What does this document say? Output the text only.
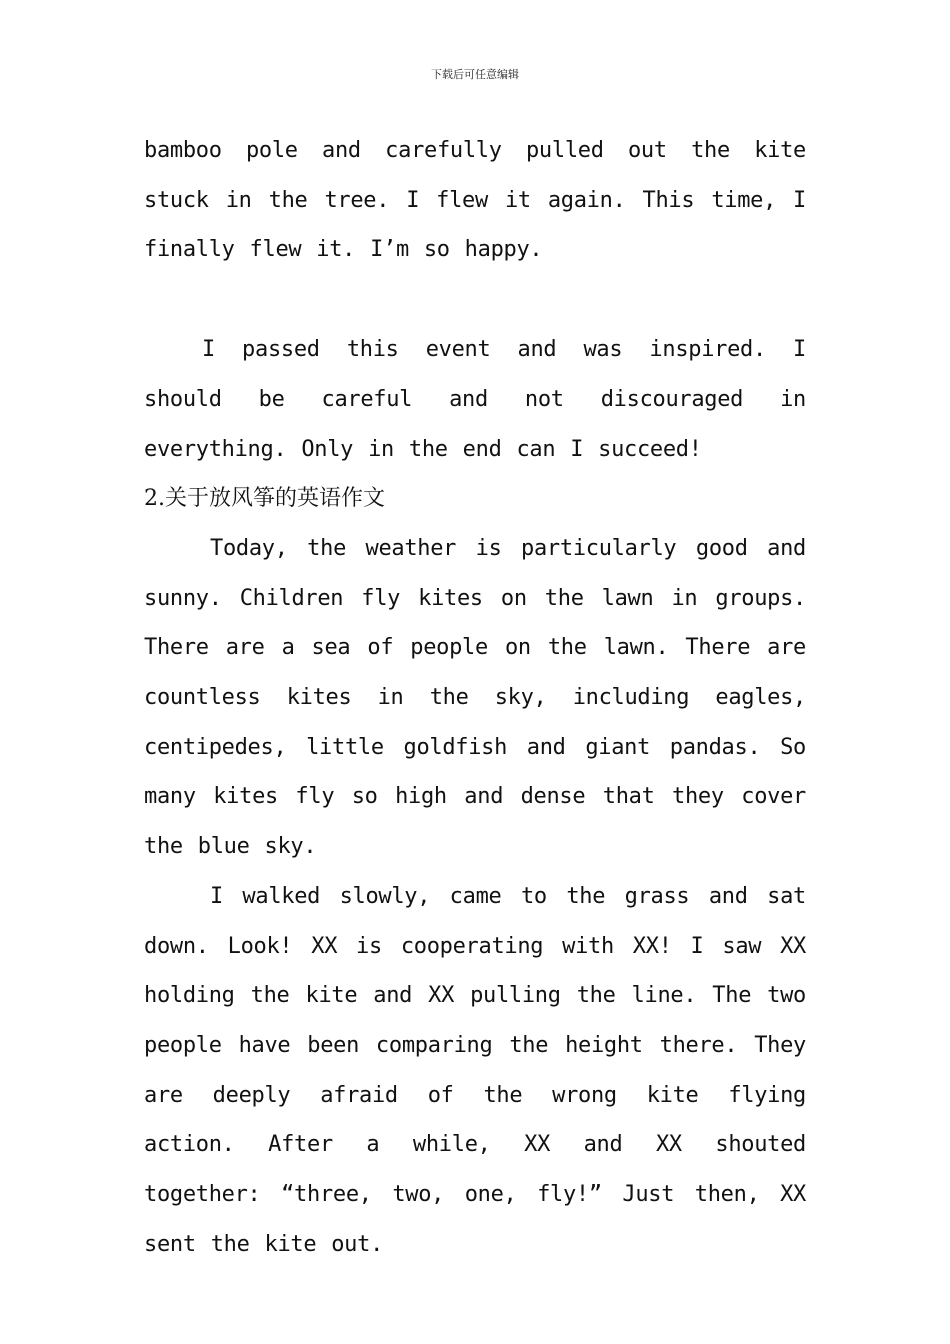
下载后可任意编辑

bamboo pole and carefully pulled out the kite stuck in the tree. I flew it again. This time, I finally flew it. I’m so happy.

I passed this event and was inspired. I should be careful and not discouraged in everything. Only in the end can I succeed!

2.关于放风筝的英语作文

Today, the weather is particularly good and sunny. Children fly kites on the lawn in groups. There are a sea of people on the lawn. There are countless kites in the sky, including eagles, centipedes, little goldfish and giant pandas. So many kites fly so high and dense that they cover the blue sky.

I walked slowly, came to the grass and sat down. Look! XX is cooperating with XX! I saw XX holding the kite and XX pulling the line. The two people have been comparing the height there. They are deeply afraid of the wrong kite flying action. After a while, XX and XX shouted together: “three, two, one, fly!” Just then, XX sent the kite out.
